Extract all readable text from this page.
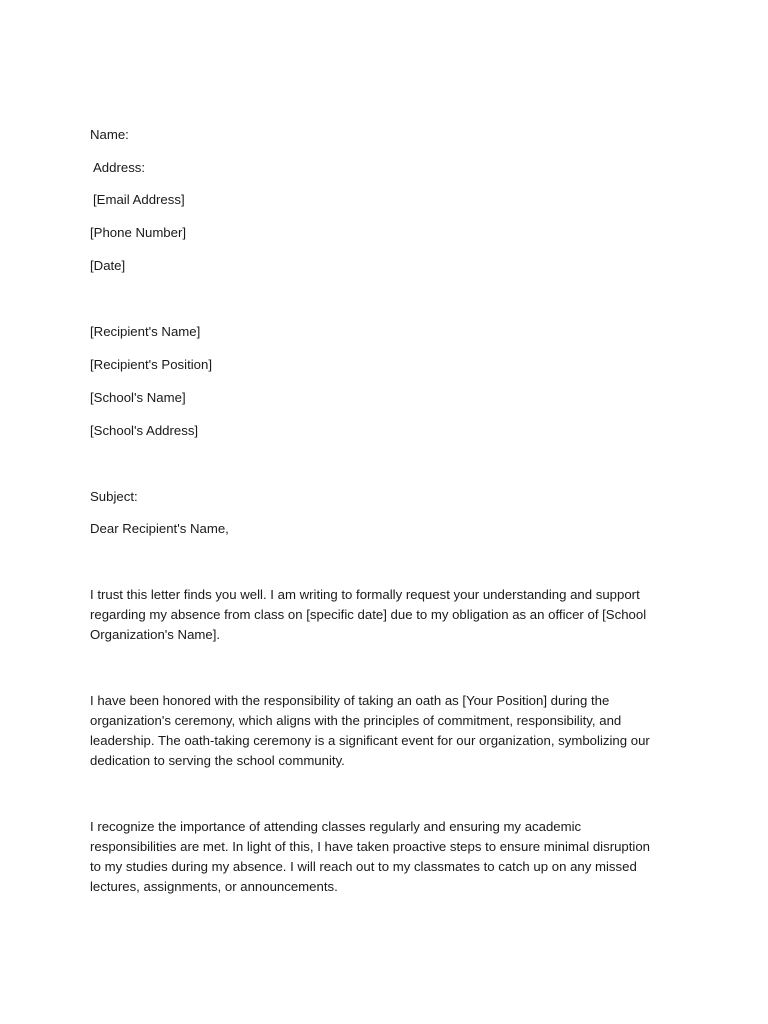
Name:
Address:
[Email Address]
[Phone Number]
[Date]
[Recipient's Name]
[Recipient's Position]
[School's Name]
[School's Address]
Subject:
Dear Recipient's Name,
I trust this letter finds you well. I am writing to formally request your understanding and support regarding my absence from class on [specific date] due to my obligation as an officer of [School Organization's Name].
I have been honored with the responsibility of taking an oath as [Your Position] during the organization's ceremony, which aligns with the principles of commitment, responsibility, and leadership. The oath-taking ceremony is a significant event for our organization, symbolizing our dedication to serving the school community.
I recognize the importance of attending classes regularly and ensuring my academic responsibilities are met. In light of this, I have taken proactive steps to ensure minimal disruption to my studies during my absence. I will reach out to my classmates to catch up on any missed lectures, assignments, or announcements.
